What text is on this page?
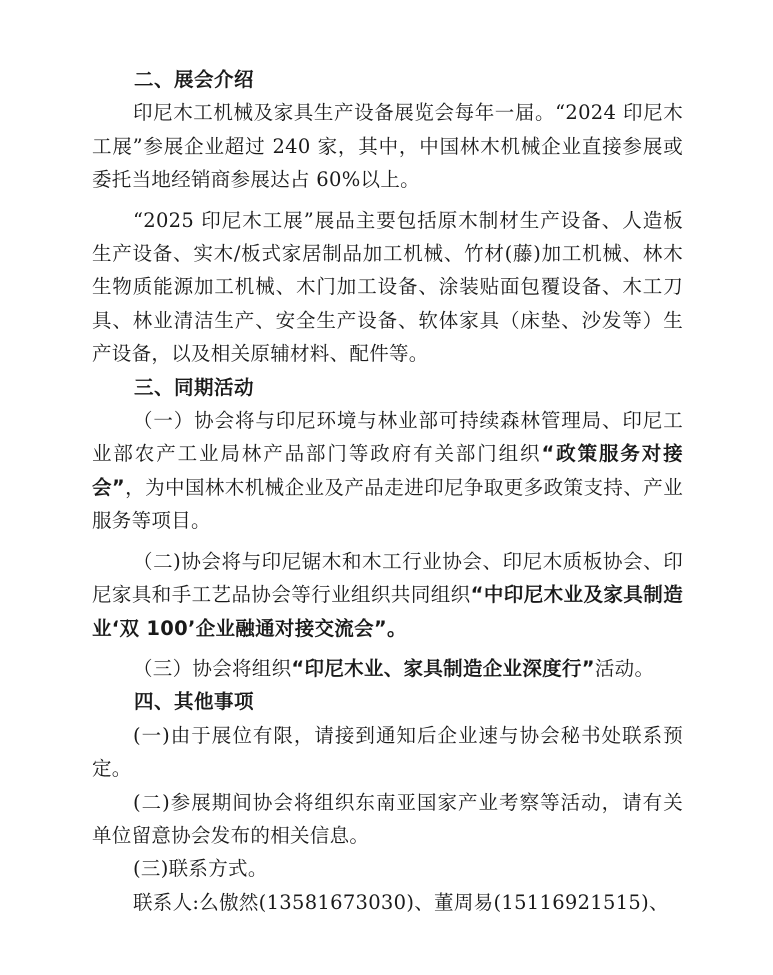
二、展会介绍

印尼木工机械及家具生产设备展览会每年一届。“2024 印尼木工展”参展企业超过 240 家，其中，中国林木机械企业直接参展或委托当地经销商参展达占 60%以上。

“2025 印尼木工展”展品主要包括原木制材生产设备、人造板生产设备、实木/板式家居制品加工机械、竹材(藤)加工机械、林木生物质能源加工机械、木门加工设备、涂装贴面包覆设备、木工刀具、林业清洁生产、安全生产设备、软体家具（床垫、沙发等）生产设备，以及相关原辅材料、配件等。

三、同期活动

（一）协会将与印尼环境与林业部可持续森林管理局、印尼工业部农产工业局林产品部门等政府有关部门组织“政策服务对接会”，为中国林木机械企业及产品走进印尼争取更多政策支持、产业服务等项目。

（二)协会将与印尼锯木和木工行业协会、印尼木质板协会、印尼家具和手工艺品协会等行业组织共同组织“中印尼木业及家具制造业‘双 100’企业融通对接交流会”。

（三）协会将组织“印尼木业、家具制造企业深度行”活动。

四、其他事项

(一)由于展位有限，请接到通知后企业速与协会秘书处联系预定。

(二)参展期间协会将组织东南亚国家产业考察等活动，请有关单位留意协会发布的相关信息。

(三)联系方式。

联系人:么傲然(13581673030)、董周易(15116921515)、
